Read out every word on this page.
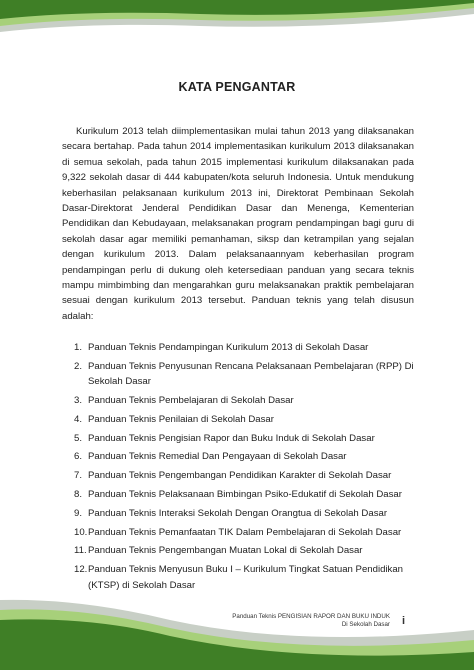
KATA PENGANTAR

Kurikulum 2013 telah diimplementasikan mulai tahun 2013 yang dilaksanakan secara bertahap. Pada tahun 2014 implementasikan kurikulum 2013 dilaksanakan di semua sekolah, pada tahun 2015 implementasi kurikulum dilaksanakan pada 9,322 sekolah dasar di 444 kabupaten/kota seluruh Indonesia. Untuk mendukung keberhasilan pelaksanaan kurikulum 2013 ini, Direktorat Pembinaan Sekolah Dasar-Direktorat Jenderal Pendidikan Dasar dan Menenga, Kementerian Pendidikan dan Kebudayaan, melaksanakan program pendampingan bagi guru di sekolah dasar agar memiliki pemanhaman, siksp dan ketrampilan yang sejalan dengan kurikulum 2013. Dalam pelaksanaannyam keberhasilan program pendampingan perlu di dukung oleh ketersediaan panduan yang secara teknis mampu mimbimbing dan mengarahkan guru melaksanakan praktik pembelajaran sesuai dengan kurikulum 2013 tersebut. Panduan teknis yang telah disusun adalah:

1. Panduan Teknis Pendampingan Kurikulum 2013 di Sekolah Dasar
2. Panduan Teknis Penyusunan Rencana Pelaksanaan Pembelajaran (RPP) Di Sekolah Dasar
3. Panduan Teknis Pembelajaran di Sekolah Dasar
4. Panduan Teknis Penilaian di Sekolah Dasar
5. Panduan Teknis Pengisian Rapor dan Buku Induk di Sekolah Dasar
6. Panduan Teknis Remedial Dan Pengayaan di Sekolah Dasar
7. Panduan Teknis Pengembangan Pendidikan Karakter di Sekolah Dasar
8. Panduan Teknis Pelaksanaan Bimbingan Psiko-Edukatif di Sekolah Dasar
9. Panduan Teknis Interaksi Sekolah Dengan Orangtua di Sekolah Dasar
10. Panduan Teknis Pemanfaatan TIK Dalam Pembelajaran di Sekolah Dasar
11. Panduan Teknis Pengembangan Muatan Lokal di Sekolah Dasar
12. Panduan Teknis Menyusun Buku I – Kurikulum Tingkat Satuan Pendidikan (KTSP) di Sekolah Dasar
Panduan Teknis PENGISIAN RAPOR DAN BUKU INDUK
Di Sekolah Dasar i
